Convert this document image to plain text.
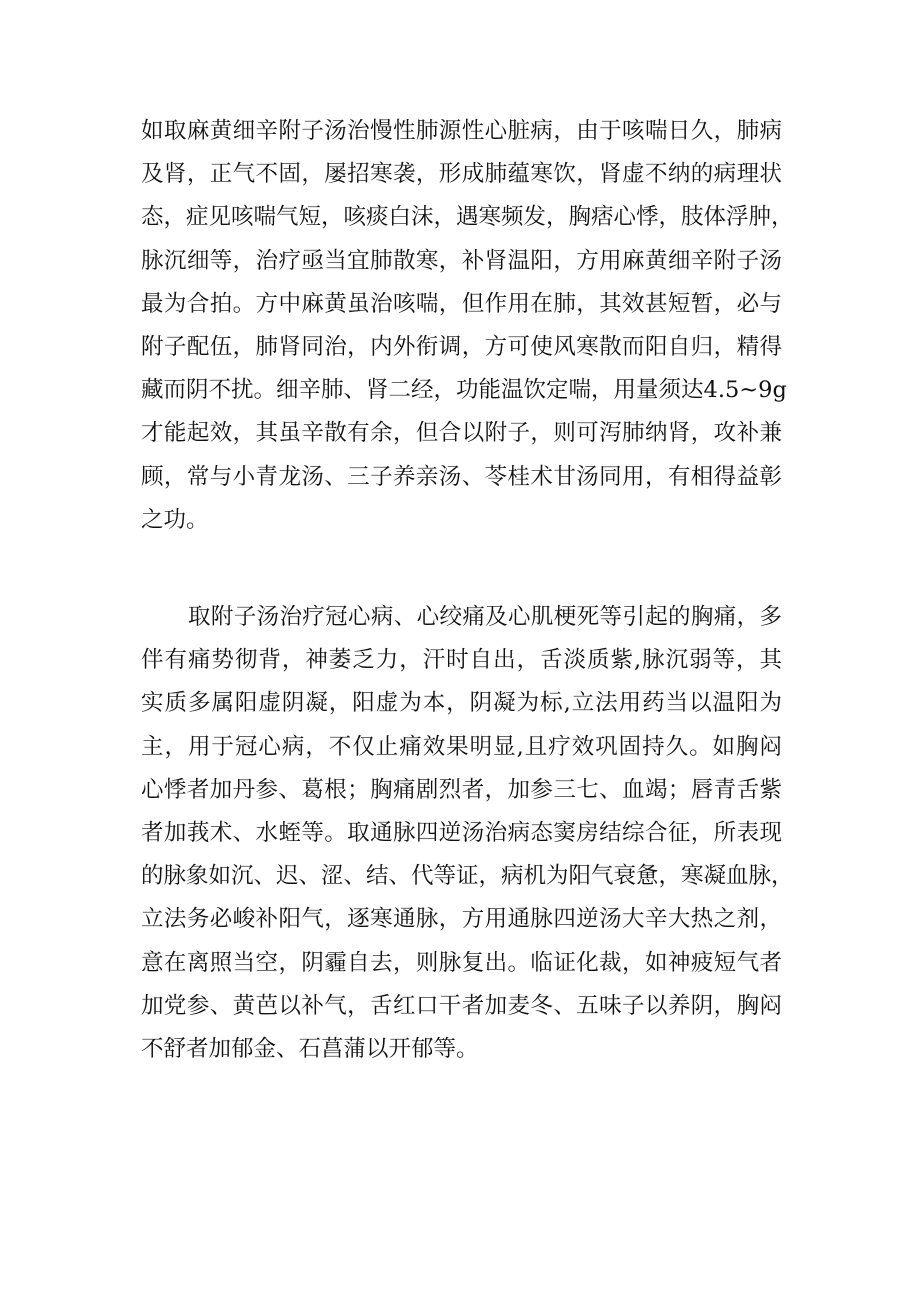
如取麻黄细辛附子汤治慢性肺源性心脏病，由于咳喘日久，肺病
及肾，正气不固，屡招寒袭，形成肺蕴寒饮，肾虚不纳的病理状
态，症见咳喘气短，咳痰白沫，遇寒频发，胸痞心悸，肢体浮肿，
脉沉细等，治疗亟当宜肺散寒，补肾温阳，方用麻黄细辛附子汤
最为合拍。方中麻黄虽治咳喘，但作用在肺，其效甚短暂，必与
附子配伍，肺肾同治，内外衔调，方可使风寒散而阳自归，精得
藏而阴不扰。细辛肺、肾二经，功能温饮定喘，用量须达4.5~9g
才能起效，其虽辛散有余，但合以附子，则可泻肺纳肾，攻补兼
顾，常与小青龙汤、三子养亲汤、苓桂术甘汤同用，有相得益彰
之功。
取附子汤治疗冠心病、心绞痛及心肌梗死等引起的胸痛，多
伴有痛势彻背，神萎乏力，汗时自出，舌淡质紫,脉沉弱等，其
实质多属阳虚阴凝，阳虚为本，阴凝为标,立法用药当以温阳为
主，用于冠心病，不仅止痛效果明显,且疗效巩固持久。如胸闷
心悸者加丹参、葛根；胸痛剧烈者，加参三七、血竭；唇青舌紫
者加莪术、水蛭等。取通脉四逆汤治病态窦房结综合征，所表现
的脉象如沉、迟、涩、结、代等证，病机为阳气衰惫，寒凝血脉，
立法务必峻补阳气，逐寒通脉，方用通脉四逆汤大辛大热之剂，
意在离照当空，阴霾自去，则脉复出。临证化裁，如神疲短气者
加党参、黄芭以补气，舌红口干者加麦冬、五味子以养阴，胸闷
不舒者加郁金、石菖蒲以开郁等。
